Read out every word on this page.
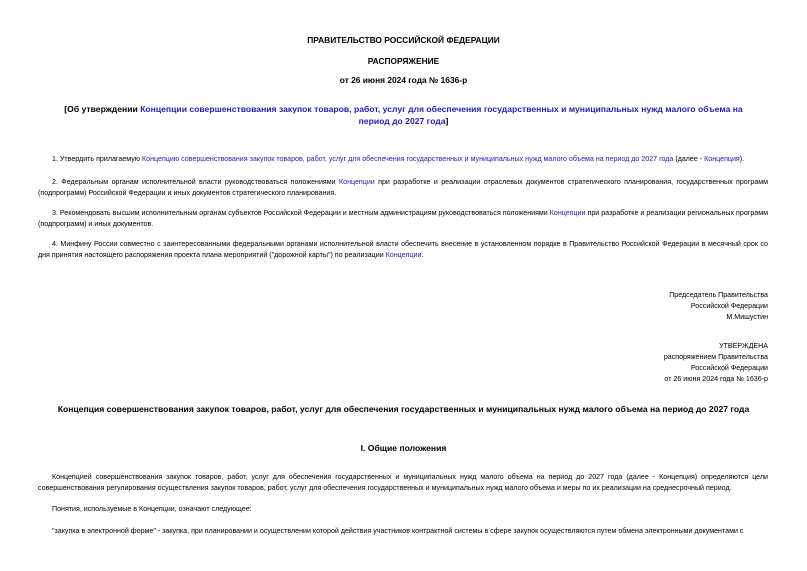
ПРАВИТЕЛЬСТВО РОССИЙСКОЙ ФЕДЕРАЦИИ
РАСПОРЯЖЕНИЕ
от 26 июня 2024 года № 1636-р
[Об утверждении Концепции совершенствования закупок товаров, работ, услуг для обеспечения государственных и муниципальных нужд малого объема на период до 2027 года]

1. Утвердить прилагаемую Концепцию совершенствования закупок товаров, работ, услуг для обеспечения государственных и муниципальных нужд малого объема на период до 2027 года (далее - Концепция).

2. Федеральным органам исполнительной власти руководствоваться положениями Концепции при разработке и реализации отраслевых документов стратегического планирования, государственных программ (подпрограмм) Российской Федерации и иных документов стратегического планирования.

3. Рекомендовать высшим исполнительным органам субъектов Российской Федерации и местным администрациям руководствоваться положениями Концепции при разработке и реализации региональных программ (подпрограмм) и иных документов.

4. Минфину России совместно с заинтересованными федеральными органами исполнительной власти обеспечить внесение в установленном порядке в Правительство Российской Федерации в месячный срок со дня принятия настоящего распоряжения проекта плана мероприятий ("дорожной карты") по реализации Концепции.

Председатель Правительства
Российской Федерации
М.Мишустин
УТВЕРЖДЕНА
распоряжением Правительства
Российской Федерации
от 26 июня 2024 года № 1636-р
Концепция совершенствования закупок товаров, работ, услуг для обеспечения государственных и муниципальных нужд малого объема на период до 2027 года
I. Общие положения

Концепцией совершенствования закупок товаров, работ, услуг для обеспечения государственных и муниципальных нужд малого объема на период до 2027 года (далее - Концепция) определяются цели совершенствования регулирования осуществления закупок товаров, работ, услуг для обеспечения государственных и муниципальных нужд малого объема и меры по их реализации на среднесрочный период.

Понятия, используемые в Концепции, означают следующее:

"закупка в электронной форме" - закупка, при планировании и осуществлении которой действия участников контрактной системы в сфере закупок осуществляются путем обмена электронными документами с
